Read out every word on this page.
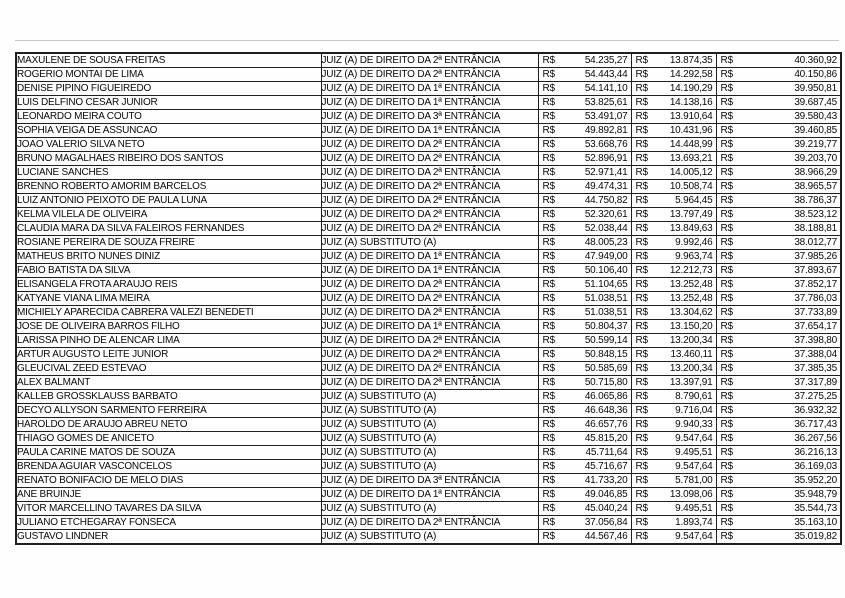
MAXULENE DE SOUSA FREITAS	JUIZ (A) DE DIREITO DA 2ª ENTRÂNCIA	R$ 54.235,27	R$ 13.874,35	R$ 40.360,92

ROGERIO MONTAI DE LIMA	JUIZ (A) DE DIREITO DA 2ª ENTRÂNCIA	R$ 54.443,44	R$ 14.292,58	R$ 40.150,86

DENISE PIPINO FIGUEIREDO	JUIZ (A) DE DIREITO DA 1ª ENTRÂNCIA	R$ 54.141,10	R$ 14.190,29	R$ 39.950,81

LUIS DELFINO CESAR JUNIOR	JUIZ (A) DE DIREITO DA 1ª ENTRÂNCIA	R$ 53.825,61	R$ 14.138,16	R$ 39.687,45

LEONARDO MEIRA COUTO	JUIZ (A) DE DIREITO DA 3ª ENTRÂNCIA	R$ 53.491,07	R$ 13.910,64	R$ 39.580,43

SOPHIA VEIGA DE ASSUNCAO	JUIZ (A) DE DIREITO DA 1ª ENTRÂNCIA	R$ 49.892,81	R$ 10.431,96	R$ 39.460,85

JOAO VALERIO SILVA NETO	JUIZ (A) DE DIREITO DA 2ª ENTRÂNCIA	R$ 53.668,76	R$ 14.448,99	R$ 39.219,77

BRUNO MAGALHAES RIBEIRO DOS SANTOS	JUIZ (A) DE DIREITO DA 2ª ENTRÂNCIA	R$ 52.896,91	R$ 13.693,21	R$ 39.203,70

LUCIANE SANCHES	JUIZ (A) DE DIREITO DA 2ª ENTRÂNCIA	R$ 52.971,41	R$ 14.005,12	R$ 38.966,29

BRENNO ROBERTO AMORIM BARCELOS	JUIZ (A) DE DIREITO DA 2ª ENTRÂNCIA	R$ 49.474,31	R$ 10.508,74	R$ 38.965,57

LUIZ ANTONIO PEIXOTO DE PAULA LUNA	JUIZ (A) DE DIREITO DA 2ª ENTRÂNCIA	R$ 44.750,82	R$ 5.964,45	R$ 38.786,37

KELMA VILELA DE OLIVEIRA	JUIZ (A) DE DIREITO DA 2ª ENTRÂNCIA	R$ 52.320,61	R$ 13.797,49	R$ 38.523,12

CLAUDIA MARA DA SILVA FALEIROS FERNANDES	JUIZ (A) DE DIREITO DA 2ª ENTRÂNCIA	R$ 52.038,44	R$ 13.849,63	R$ 38.188,81

ROSIANE PEREIRA DE SOUZA FREIRE	JUIZ (A) SUBSTITUTO (A)	R$ 48.005,23	R$ 9.992,46	R$ 38.012,77

MATHEUS BRITO NUNES DINIZ	JUIZ (A) DE DIREITO DA 1ª ENTRÂNCIA	R$ 47.949,00	R$ 9.963,74	R$ 37.985,26

FABIO BATISTA DA SILVA	JUIZ (A) DE DIREITO DA 1ª ENTRÂNCIA	R$ 50.106,40	R$ 12.212,73	R$ 37.893,67

ELISANGELA FROTA ARAUJO REIS	JUIZ (A) DE DIREITO DA 2ª ENTRÂNCIA	R$ 51.104,65	R$ 13.252,48	R$ 37.852,17

KATYANE VIANA LIMA MEIRA	JUIZ (A) DE DIREITO DA 2ª ENTRÂNCIA	R$ 51.038,51	R$ 13.252,48	R$ 37.786,03

MICHIELY APARECIDA CABRERA VALEZI BENEDETI	JUIZ (A) DE DIREITO DA 2ª ENTRÂNCIA	R$ 51.038,51	R$ 13.304,62	R$ 37.733,89

JOSE DE OLIVEIRA BARROS FILHO	JUIZ (A) DE DIREITO DA 1ª ENTRÂNCIA	R$ 50.804,37	R$ 13.150,20	R$ 37.654,17

LARISSA PINHO DE ALENCAR LIMA	JUIZ (A) DE DIREITO DA 2ª ENTRÂNCIA	R$ 50.599,14	R$ 13.200,34	R$ 37.398,80

ARTUR AUGUSTO LEITE JUNIOR	JUIZ (A) DE DIREITO DA 2ª ENTRÂNCIA	R$ 50.848,15	R$ 13.460,11	R$ 37.388,04

GLEUCIVAL ZEED ESTEVAO	JUIZ (A) DE DIREITO DA 2ª ENTRÂNCIA	R$ 50.585,69	R$ 13.200,34	R$ 37.385,35

ALEX BALMANT	JUIZ (A) DE DIREITO DA 2ª ENTRÂNCIA	R$ 50.715,80	R$ 13.397,91	R$ 37.317,89

KALLEB GROSSKLAUSS BARBATO	JUIZ (A) SUBSTITUTO (A)	R$ 46.065,86	R$ 8.790,61	R$ 37.275,25

DECYO ALLYSON SARMENTO FERREIRA	JUIZ (A) SUBSTITUTO (A)	R$ 46.648,36	R$ 9.716,04	R$ 36.932,32

HAROLDO DE ARAUJO ABREU NETO	JUIZ (A) SUBSTITUTO (A)	R$ 46.657,76	R$ 9.940,33	R$ 36.717,43

THIAGO GOMES DE ANICETO	JUIZ (A) SUBSTITUTO (A)	R$ 45.815,20	R$ 9.547,64	R$ 36.267,56

PAULA CARINE MATOS DE SOUZA	JUIZ (A) SUBSTITUTO (A)	R$ 45.711,64	R$ 9.495,51	R$ 36.216,13

BRENDA AGUIAR VASCONCELOS	JUIZ (A) SUBSTITUTO (A)	R$ 45.716,67	R$ 9.547,64	R$ 36.169,03

RENATO BONIFACIO DE MELO DIAS	JUIZ (A) DE DIREITO DA 3ª ENTRÂNCIA	R$ 41.733,20	R$ 5.781,00	R$ 35.952,20

ANE BRUINJE	JUIZ (A) DE DIREITO DA 1ª ENTRÂNCIA	R$ 49.046,85	R$ 13.098,06	R$ 35.948,79

VITOR MARCELLINO TAVARES DA SILVA	JUIZ (A) SUBSTITUTO (A)	R$ 45.040,24	R$ 9.495,51	R$ 35.544,73

JULIANO ETCHEGARAY FONSECA	JUIZ (A) DE DIREITO DA 2ª ENTRÂNCIA	R$ 37.056,84	R$ 1.893,74	R$ 35.163,10

GUSTAVO LINDNER	JUIZ (A) SUBSTITUTO (A)	R$ 44.567,46	R$ 9.547,64	R$ 35.019,82
